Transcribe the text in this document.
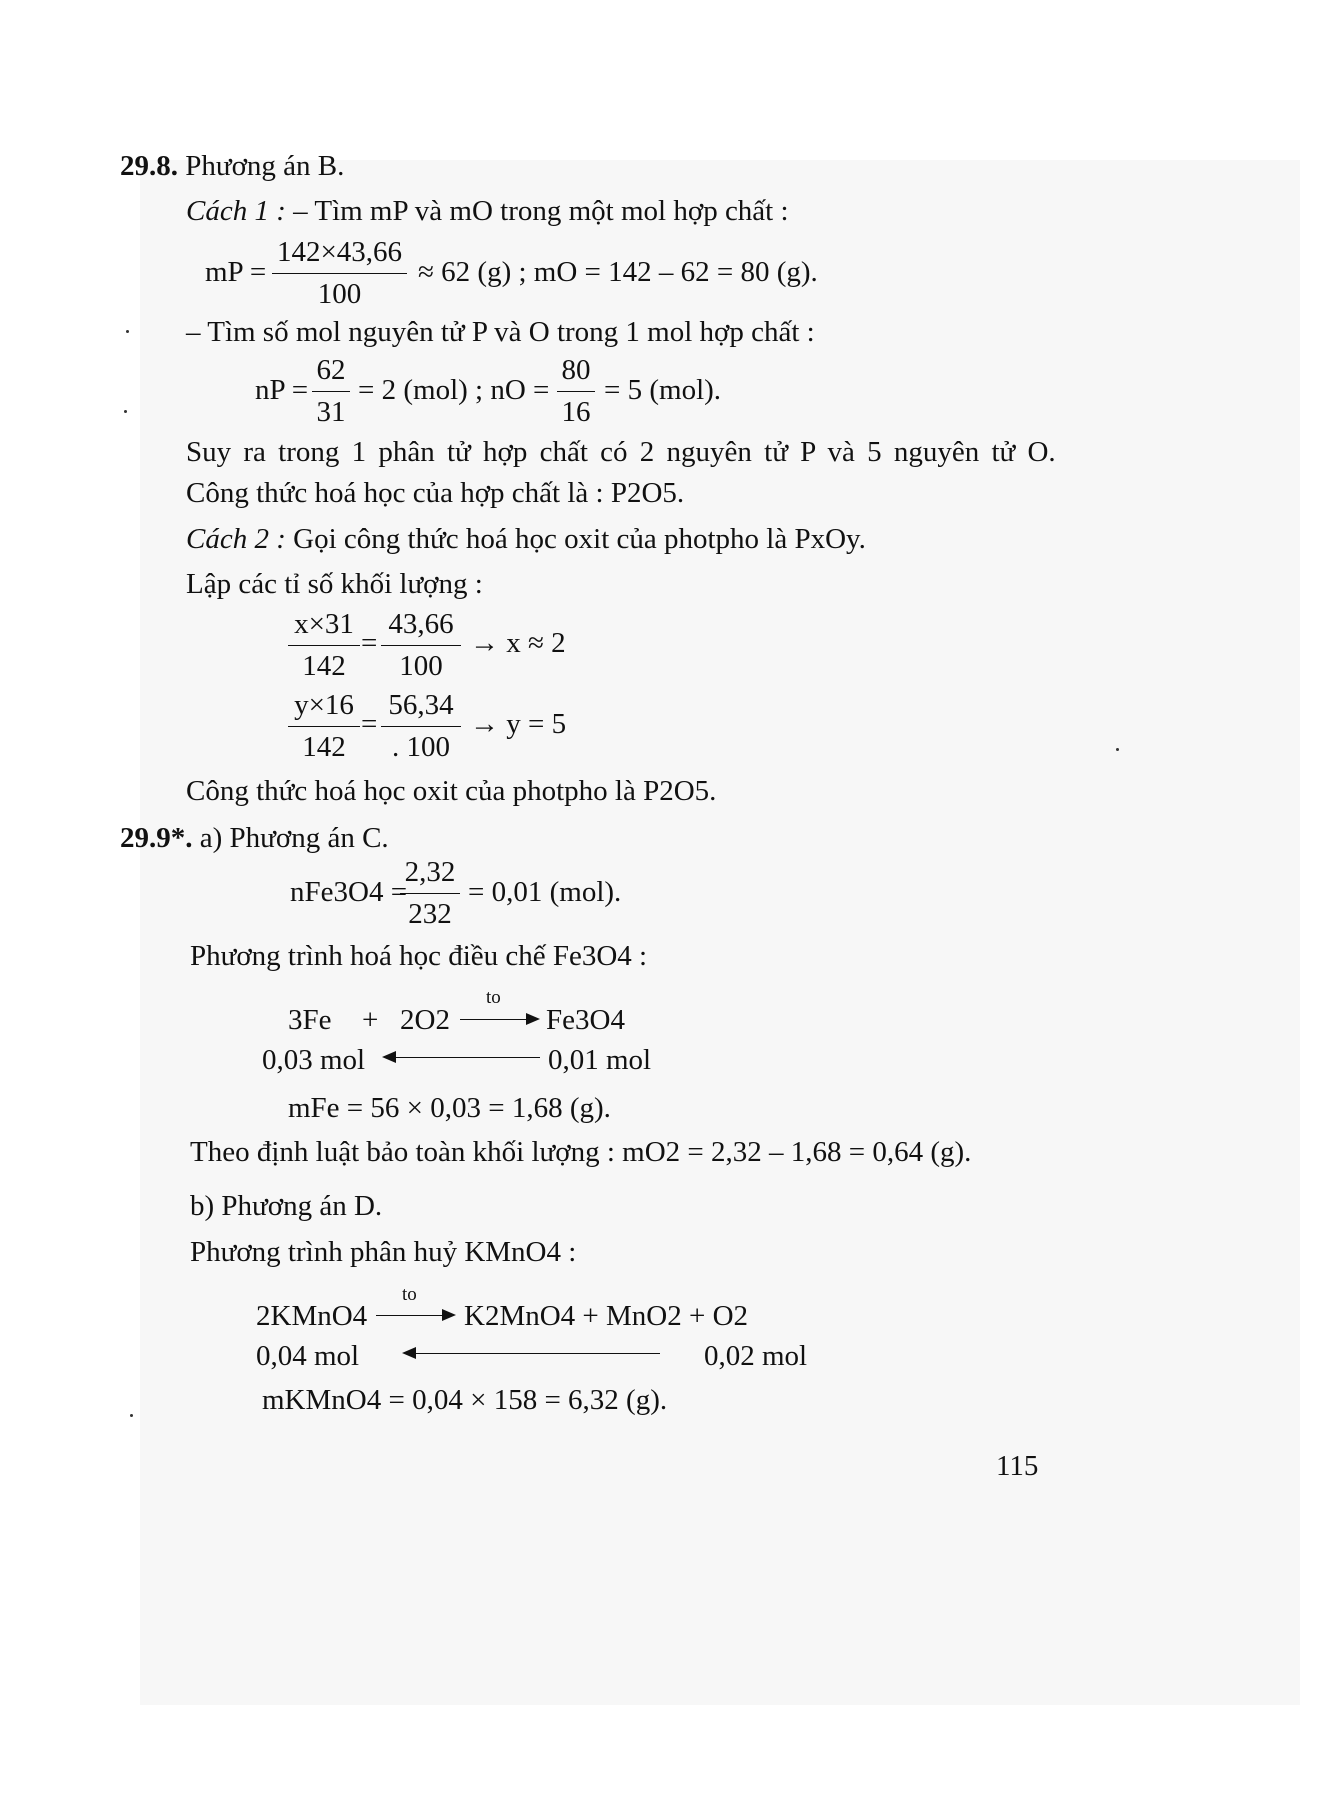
29.8. Phương án B.
Cách 1 : – Tìm mP và mO trong một mol hợp chất :
mP =
142×43,66
100
≈ 62 (g) ; mO = 142 – 62 = 80 (g).
– Tìm số mol nguyên tử P và O trong 1 mol hợp chất :
nP =
62
31
= 2 (mol) ; nO =
80
16
= 5 (mol).
Suy ra trong 1 phân tử hợp chất có 2 nguyên tử P và 5 nguyên tử O.
Công thức hoá học của hợp chất là : P2O5.
Cách 2 : Gọi công thức hoá học oxit của photpho là PxOy.
Lập các tỉ số khối lượng :
x×31
142
=
43,66
100
→ x ≈ 2
y×16
142
=
56,34
. 100
→ y = 5
Công thức hoá học oxit của photpho là P2O5.
29.9*. a) Phương án C.
nFe3O4 =
2,32
232
= 0,01 (mol).
Phương trình hoá học điều chế Fe3O4 :
3Fe + 2O2
to
Fe3O4
0,03 mol	0,01 mol
mFe = 56 × 0,03 = 1,68 (g).
Theo định luật bảo toàn khối lượng : mO2 = 2,32 – 1,68 = 0,64 (g).
b) Phương án D.
Phương trình phân huỷ KMnO4 :
2KMnO4
to
K2MnO4 + MnO2 + O2
0,04 mol	0,02 mol
mKMnO4 = 0,04 × 158 = 6,32 (g).
115
